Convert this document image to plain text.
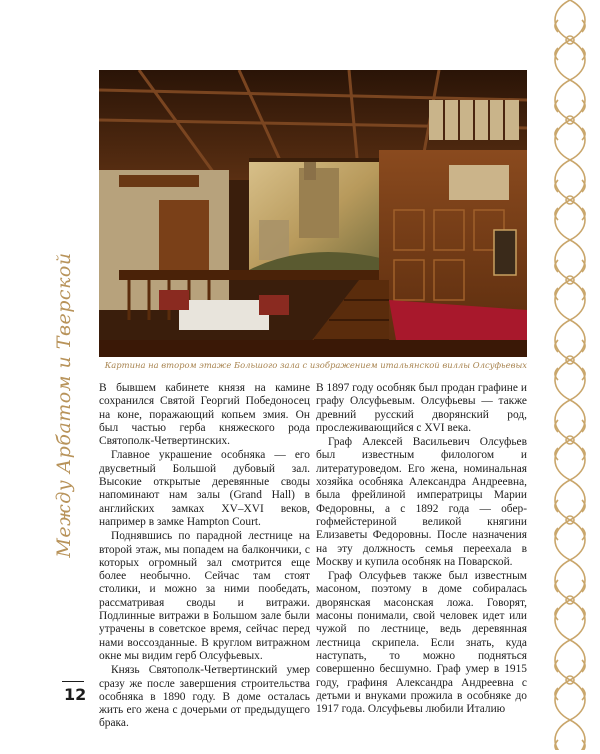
Между Арбатом и Тверской	Картина на втором этаже Большого зала с изображением итальянской виллы Олсуфьевых

В бывшем кабинете князя на камине сохранился Святой Георгий Победоносец на коне, поражающий копьем змия. Он был частью герба княжеского рода Святополк-Четвертинских.

Главное украшение особняка — его двусветный Большой дубовый зал. Высокие открытые деревянные своды напоминают нам залы (Grand Hall) в английских замках XV–XVI веков, например в замке Hampton Court.

Поднявшись по парадной лестнице на второй этаж, мы попадем на балкончики, с которых огромный зал смотрится еще более необычно. Сейчас там стоят столики, и можно за ними пообедать, рассматривая своды и витражи. Подлинные витражи в Большом зале были утрачены в советское время, сейчас перед нами воссозданные. В круглом витражном окне мы видим герб Олсуфьевых.

Князь Святополк-Четвертинский умер сразу же после завершения строительства особняка в 1890 году. В доме осталась жить его жена с дочерьми от предыдущего брака.

В 1897 году особняк был продан графине и графу Олсуфьевым. Олсуфьевы — также древний русский дворянский род, прослеживающийся с XVI века.

Граф Алексей Васильевич Олсуфьев был известным филологом и литературоведом. Его жена, номинальная хозяйка особняка Александра Андреевна, была фрейлиной императрицы Марии Федоровны, а с 1892 года — обер-гофмейстериной великой княгини Елизаветы Федоровны. После назначения на эту должность семья переехала в Москву и купила особняк на Поварской.

Граф Олсуфьев также был известным масоном, поэтому в доме собиралась дворянская масонская ложа. Говорят, масоны понимали, свой человек идет или чужой по лестнице, ведь деревянная лестница скрипела. Если знать, куда наступать, то можно подняться совершенно бесшумно. Граф умер в 1915 году, графиня Александра Андреевна с детьми и внуками прожила в особняке до 1917 года. Олсуфьевы любили Италию

12
